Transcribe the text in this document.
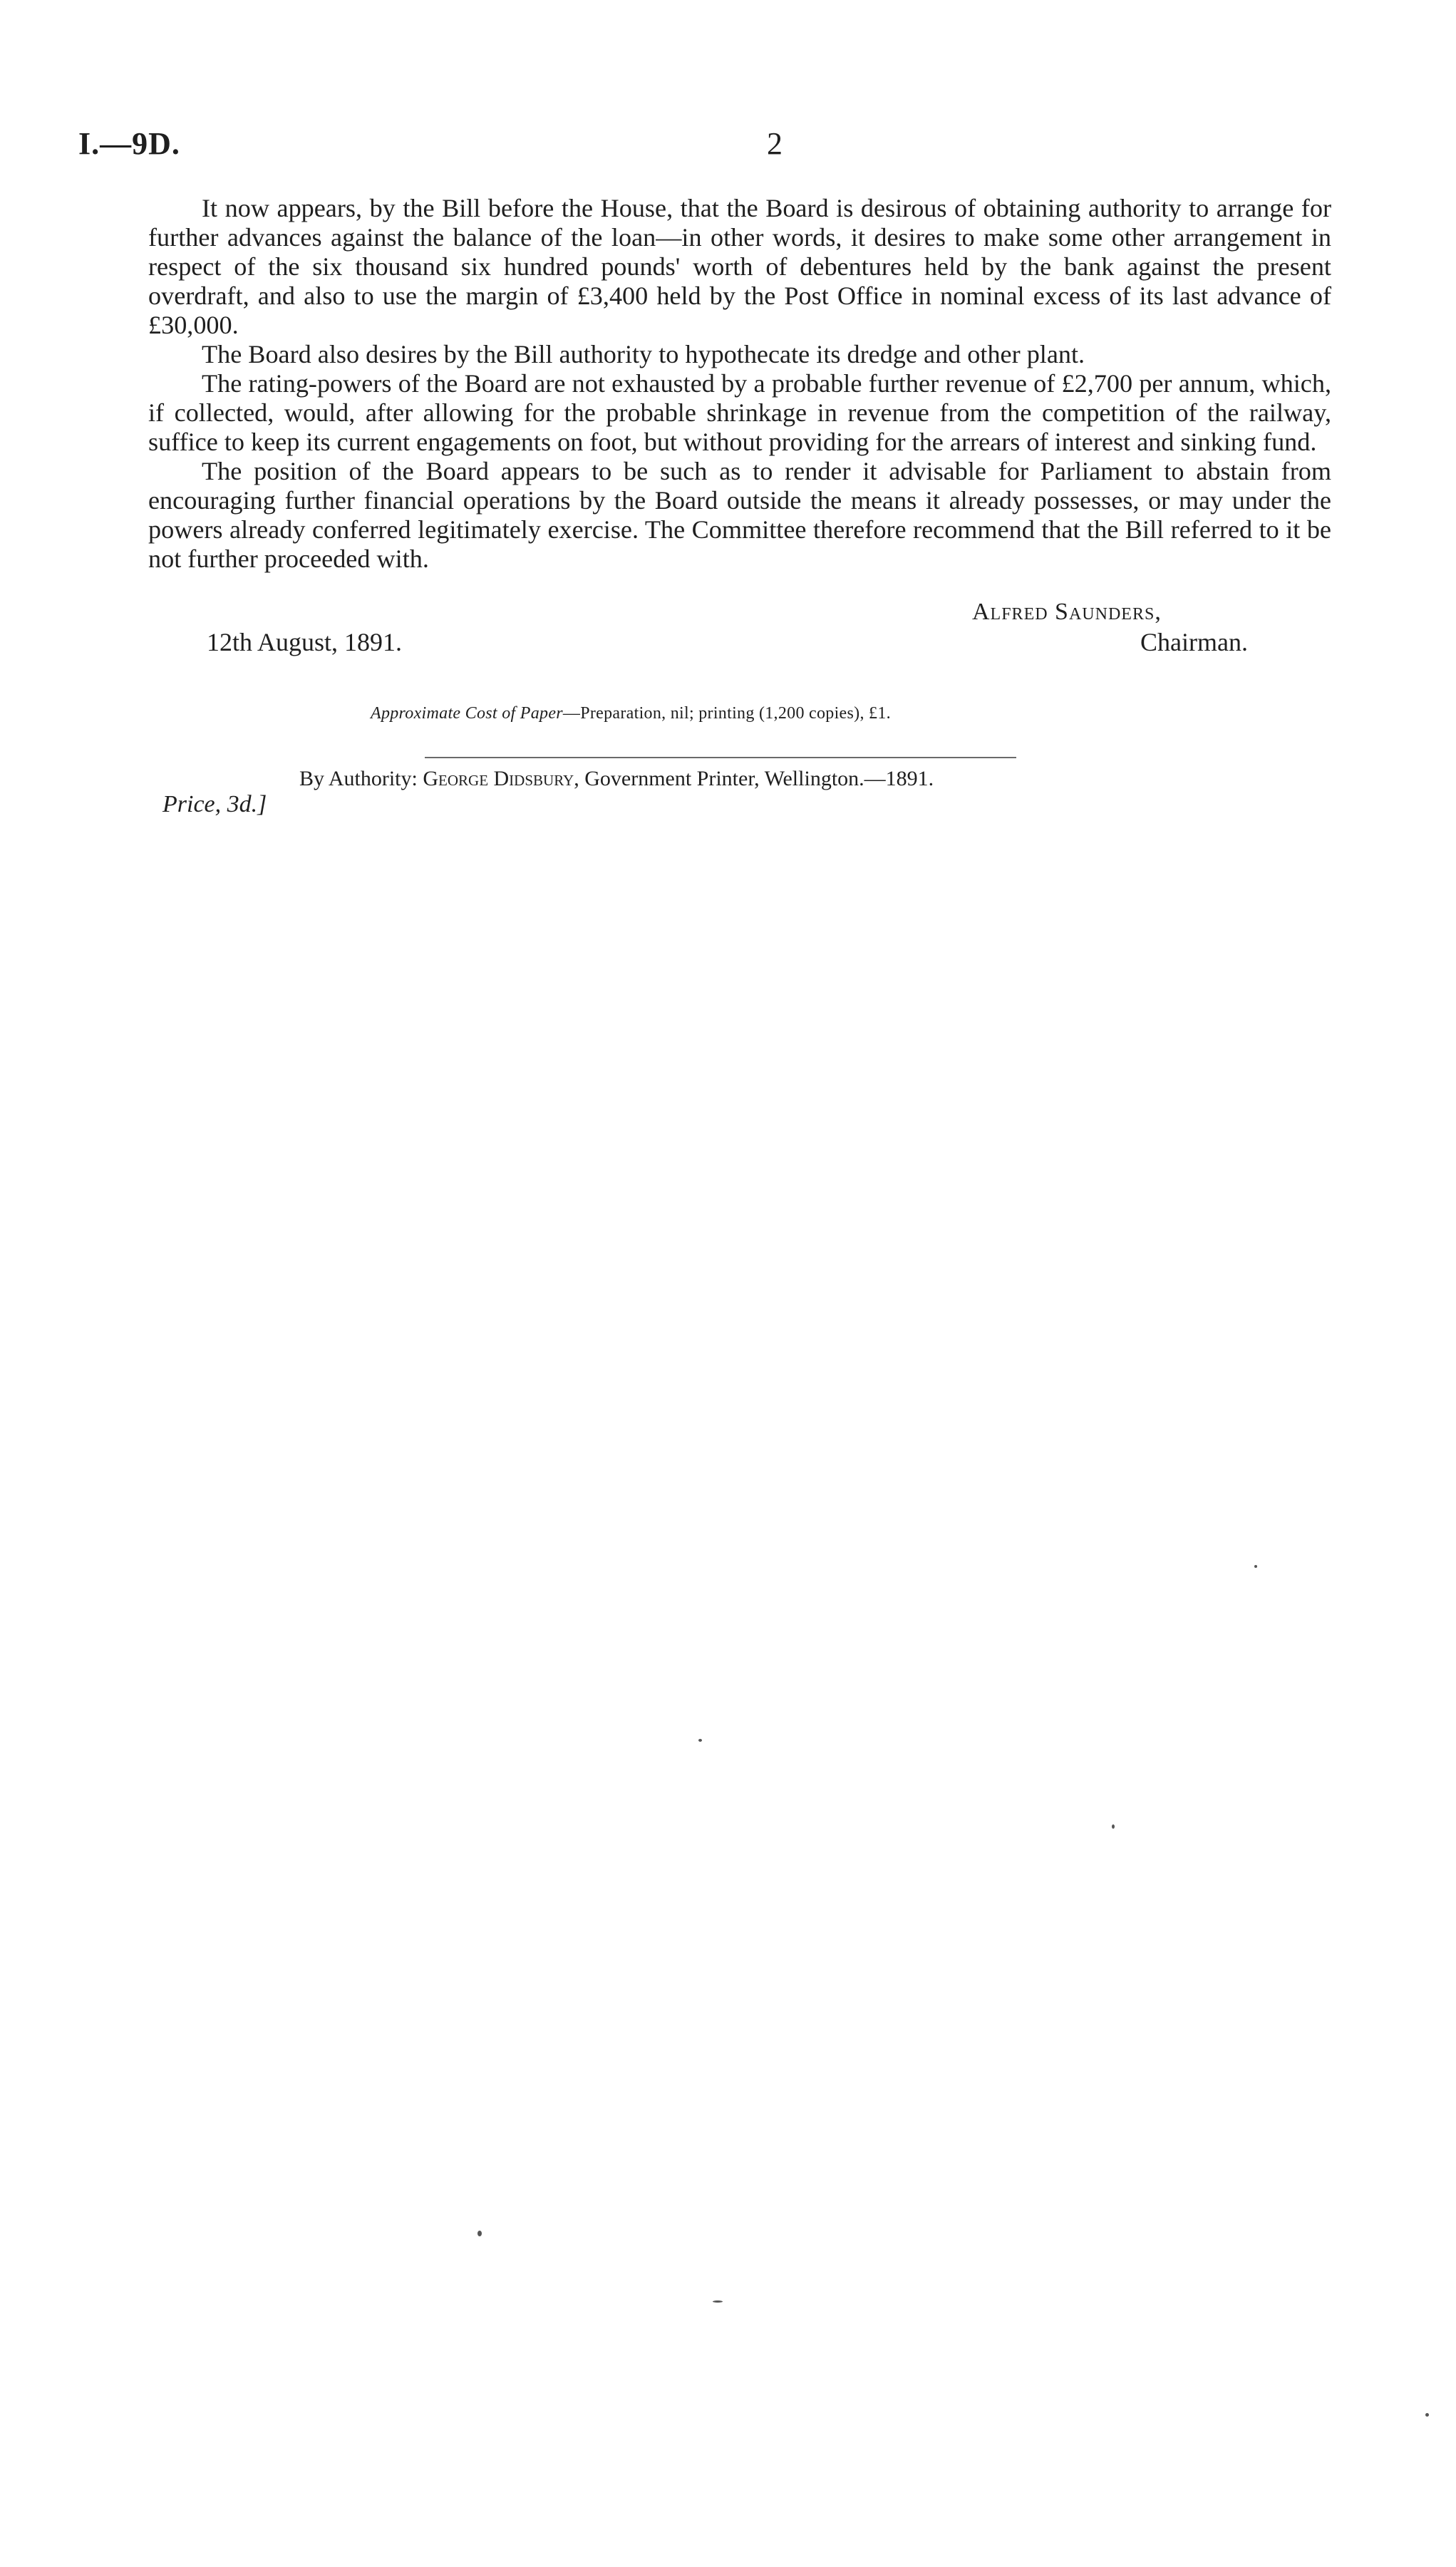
I.—9D.	2

It now appears, by the Bill before the House, that the Board is desirous of obtaining authority to arrange for further advances against the balance of the loan—in other words, it desires to make some other arrangement in respect of the six thousand six hundred pounds' worth of debentures held by the bank against the present overdraft, and also to use the margin of £3,400 held by the Post Office in nominal excess of its last advance of £30,000.

The Board also desires by the Bill authority to hypothecate its dredge and other plant.

The rating-powers of the Board are not exhausted by a probable further revenue of £2,700 per annum, which, if collected, would, after allowing for the probable shrinkage in revenue from the competition of the railway, suffice to keep its current engagements on foot, but without providing for the arrears of interest and sinking fund.

The position of the Board appears to be such as to render it advisable for Parliament to abstain from encouraging further financial operations by the Board outside the means it already possesses, or may under the powers already conferred legitimately exercise. The Committee therefore recommend that the Bill referred to it be not further proceeded with.

Alfred Saunders,
12th August, 1891.	Chairman.
Approximate Cost of Paper—Preparation, nil; printing (1,200 copies), £1.
By Authority: George Didsbury, Government Printer, Wellington.—1891.
Price, 3d.]
